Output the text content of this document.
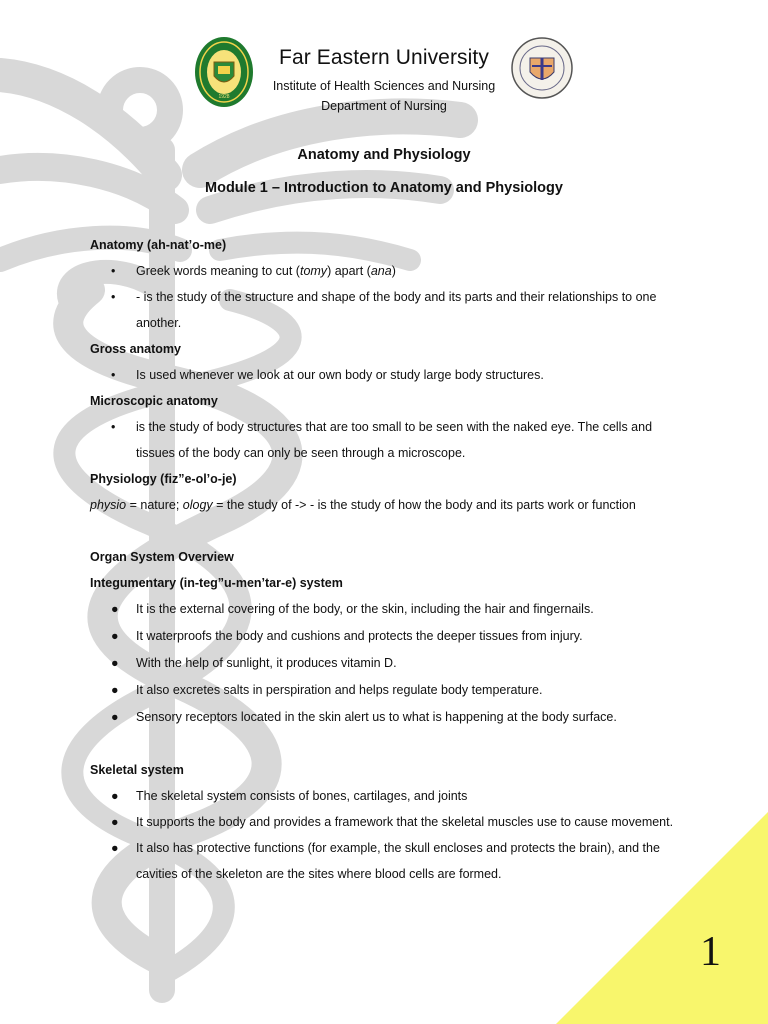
1
1928
Far Eastern University
Institute of Health Sciences and Nursing
Department of Nursing
Anatomy and Physiology
Module 1 – Introduction to Anatomy and Physiology
Anatomy (ah-nat’o-me)
• Greek words meaning to cut (tomy) apart (ana)
• - is the study of the structure and shape of the body and its parts and their relationships to one another.
Gross anatomy
• Is used whenever we look at our own body or study large body structures.
Microscopic anatomy
• is the study of body structures that are too small to be seen with the naked eye. The cells and tissues of the body can only be seen through a microscope.
Physiology (fiz”e-ol’o-je)
physio = nature; ology = the study of -> - is the study of how the body and its parts work or function
Organ System Overview
Integumentary (in-teg”u-men’tar-e) system
● It is the external covering of the body, or the skin, including the hair and fingernails.
● It waterproofs the body and cushions and protects the deeper tissues from injury.
● With the help of sunlight, it produces vitamin D.
● It also excretes salts in perspiration and helps regulate body temperature.
● Sensory receptors located in the skin alert us to what is happening at the body surface.
Skeletal system
● The skeletal system consists of bones, cartilages, and joints
● It supports the body and provides a framework that the skeletal muscles use to cause movement.
● It also has protective functions (for example, the skull encloses and protects the brain), and the cavities of the skeleton are the sites where blood cells are formed.
